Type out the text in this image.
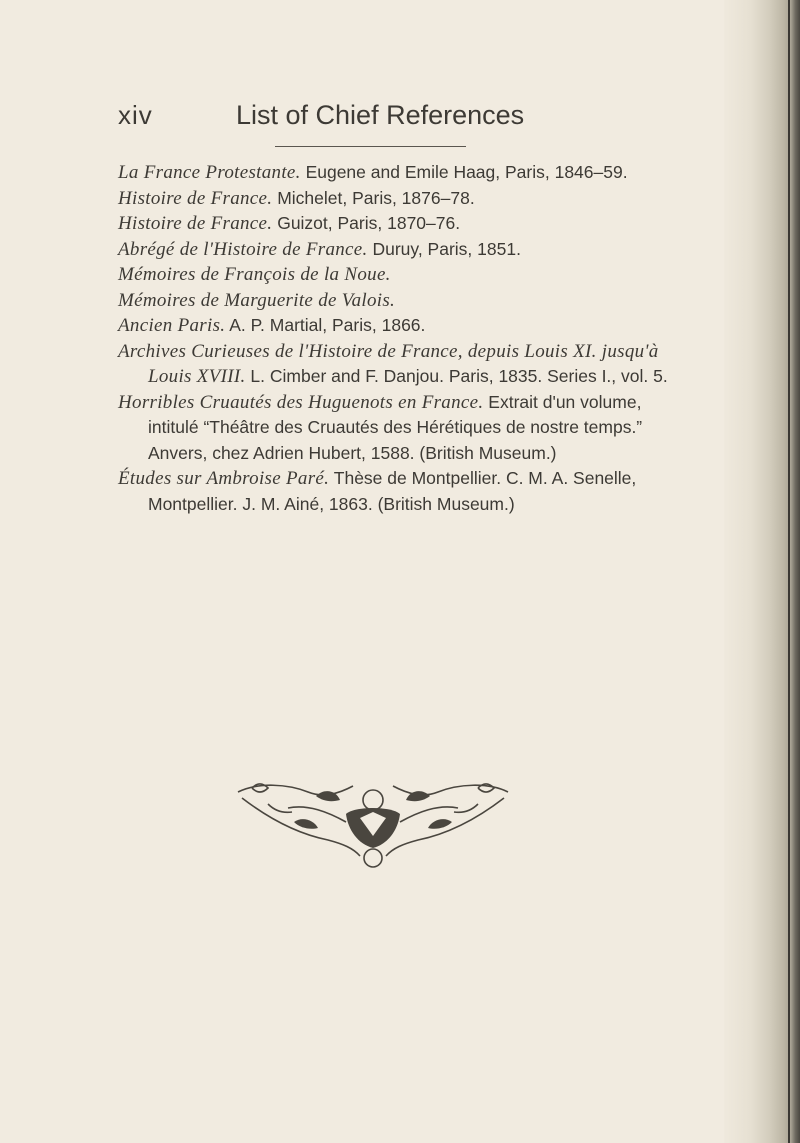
xiv	List of Chief References
La France Protestante. Eugene and Emile Haag, Paris, 1846–59.
Histoire de France. Michelet, Paris, 1876–78.
Histoire de France. Guizot, Paris, 1870–76.
Abrégé de l'Histoire de France. Duruy, Paris, 1851.
Mémoires de François de la Noue.
Mémoires de Marguerite de Valois.
Ancien Paris. A. P. Martial, Paris, 1866.
Archives Curieuses de l'Histoire de France, depuis Louis XI. jusqu'à Louis XVIII. L. Cimber and F. Danjou. Paris, 1835. Series I., vol. 5.
Horribles Cruautés des Huguenots en France. Extrait d'un volume, intitulé “Théâtre des Cruautés des Hérétiques de nostre temps.” Anvers, chez Adrien Hubert, 1588. (British Museum.)
Études sur Ambroise Paré. Thèse de Montpellier. C. M. A. Senelle, Montpellier. J. M. Ainé, 1863. (British Museum.)
